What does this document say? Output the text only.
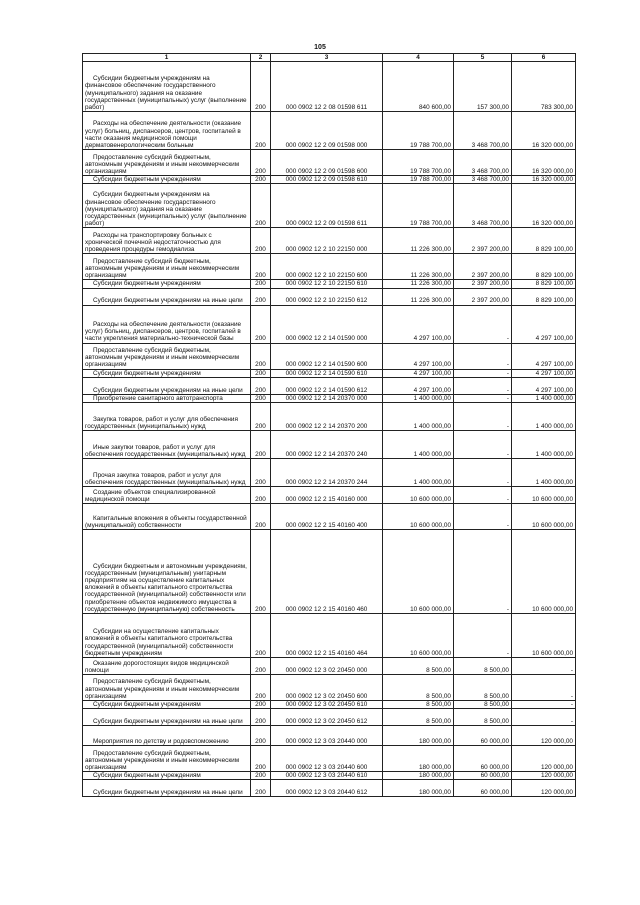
105
1	2	3	4	5	6
Субсидии бюджетным учреждениям на финансовое обеспечение государственного (муниципального) задания на оказание государственных (муниципальных) услуг (выполнение работ)	200	000 0902 12 2 08 01598 611	840 600,00	157 300,00	783 300,00
Расходы на обеспечение деятельности (оказание услуг) больниц, диспансеров, центров, госпиталей в части оказания медицинской помощи дерматовенерологическим больным	200	000 0902 12 2 09 01598 000	19 788 700,00	3 468 700,00	16 320 000,00
Предоставление субсидий бюджетным, автономным учреждениям и иным некоммерческим организациям	200	000 0902 12 2 09 01598 600	19 788 700,00	3 468 700,00	16 320 000,00
Субсидии бюджетным учреждениям	200	000 0902 12 2 09 01598 610	19 788 700,00	3 468 700,00	16 320 000,00
Субсидии бюджетным учреждениям на финансовое обеспечение государственного (муниципального) задания на оказание государственных (муниципальных) услуг (выполнение работ)	200	000 0902 12 2 09 01598 611	19 788 700,00	3 468 700,00	16 320 000,00
Расходы на транспортировку больных с хронической почечной недостаточностью для проведения процедуры гемодиализа	200	000 0902 12 2 10 22150 000	11 226 300,00	2 397 200,00	8 829 100,00
Предоставление субсидий бюджетным, автономным учреждениям и иным некоммерческим организациям	200	000 0902 12 2 10 22150 600	11 226 300,00	2 397 200,00	8 829 100,00
Субсидии бюджетным учреждениям	200	000 0902 12 2 10 22150 610	11 226 300,00	2 397 200,00	8 829 100,00
Субсидии бюджетным учреждениям на иные цели	200	000 0902 12 2 10 22150 612	11 226 300,00	2 397 200,00	8 829 100,00
Расходы на обеспечение деятельности (оказание услуг) больниц, диспансеров, центров, госпиталей в части укрепления материально-технической базы	200	000 0902 12 2 14 01590 000	4 297 100,00	-	4 297 100,00
Предоставление субсидий бюджетным, автономным учреждениям и иным некоммерческим организациям	200	000 0902 12 2 14 01590 600	4 297 100,00	-	4 297 100,00
Субсидии бюджетным учреждениям	200	000 0902 12 2 14 01590 610	4 297 100,00	-	4 297 100,00
Субсидии бюджетным учреждениям на иные цели	200	000 0902 12 2 14 01590 612	4 297 100,00	-	4 297 100,00
Приобретение санитарного автотранспорта	200	000 0902 12 2 14 20370 000	1 400 000,00	-	1 400 000,00
Закупка товаров, работ и услуг для обеспечения государственных (муниципальных) нужд	200	000 0902 12 2 14 20370 200	1 400 000,00	-	1 400 000,00
Иные закупки товаров, работ и услуг для обеспечения государственных (муниципальных) нужд	200	000 0902 12 2 14 20370 240	1 400 000,00	-	1 400 000,00
Прочая закупка товаров, работ и услуг для обеспечения государственных (муниципальных) нужд	200	000 0902 12 2 14 20370 244	1 400 000,00	-	1 400 000,00
Создание объектов специализированной медицинской помощи	200	000 0902 12 2 15 40160 000	10 600 000,00	-	10 600 000,00
Капитальные вложения в объекты государственной (муниципальной) собственности	200	000 0902 12 2 15 40160 400	10 600 000,00	-	10 600 000,00
Субсидии бюджетным и автономным учреждениям, государственным (муниципальным) унитарным предприятиям на осуществление капитальных вложений в объекты капитального строительства государственной (муниципальной) собственности или приобретение объектов недвижимого имущества в государственную (муниципальную) собственность	200	000 0902 12 2 15 40160 460	10 600 000,00	-	10 600 000,00
Субсидии на осуществление капитальных вложений в объекты капитального строительства государственной (муниципальной) собственности бюджетным учреждениям	200	000 0902 12 2 15 40160 464	10 600 000,00	-	10 600 000,00
Оказание дорогостоящих видов медицинской помощи	200	000 0902 12 3 02 20450 000	8 500,00	8 500,00	-
Предоставление субсидий бюджетным, автономным учреждениям и иным некоммерческим организациям	200	000 0902 12 3 02 20450 600	8 500,00	8 500,00	-
Субсидии бюджетным учреждениям	200	000 0902 12 3 02 20450 610	8 500,00	8 500,00	-
Субсидии бюджетным учреждениям на иные цели	200	000 0902 12 3 02 20450 612	8 500,00	8 500,00	-
Мероприятия по детству и родовспоможению	200	000 0902 12 3 03 20440 000	180 000,00	60 000,00	120 000,00
Предоставление субсидий бюджетным, автономным учреждениям и иным некоммерческим организациям	200	000 0902 12 3 03 20440 600	180 000,00	60 000,00	120 000,00
Субсидии бюджетным учреждениям	200	000 0902 12 3 03 20440 610	180 000,00	60 000,00	120 000,00
Субсидии бюджетным учреждениям на иные цели	200	000 0902 12 3 03 20440 612	180 000,00	60 000,00	120 000,00
